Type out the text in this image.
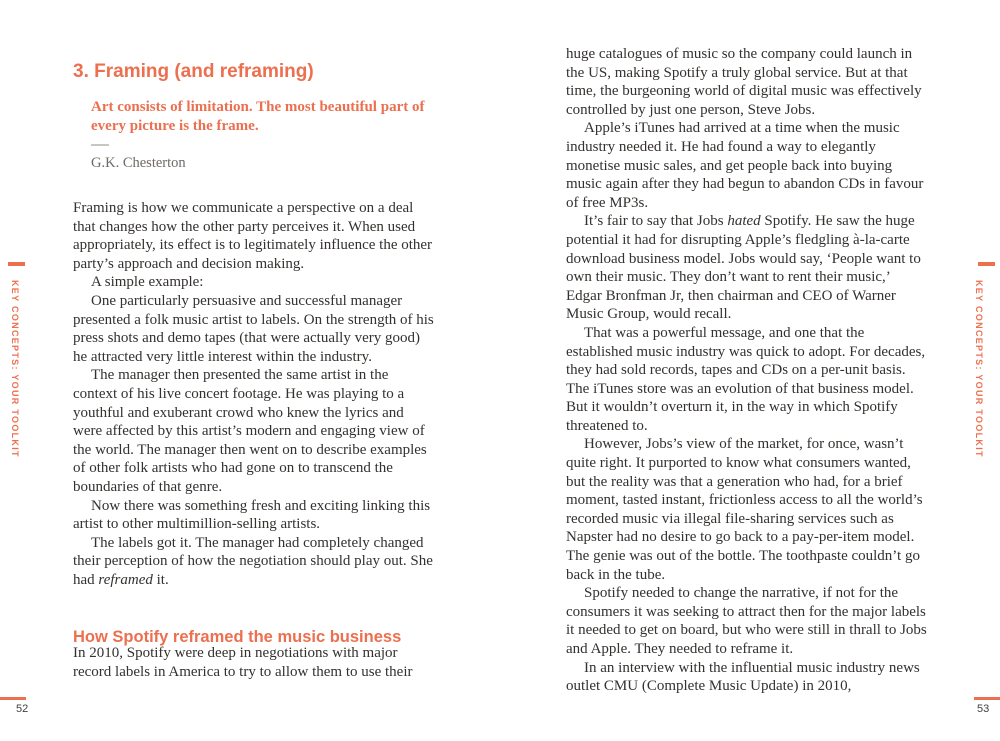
KEY CONCEPTS: YOUR TOOLKIT	KEY CONCEPTS: YOUR TOOLKIT
3. Framing (and reframing)
Art consists of limitation. The most beautiful part of every picture is the frame.
G.K. Chesterton

Framing is how we communicate a perspective on a deal that changes how the other party perceives it. When used appropriately, its effect is to legitimately influence the other party’s approach and decision making.

A simple example:

One particularly persuasive and successful manager presented a folk music artist to labels. On the strength of his press shots and demo tapes (that were actually very good) he attracted very little interest within the industry.

The manager then presented the same artist in the context of his live concert footage. He was playing to a youthful and exuberant crowd who knew the lyrics and were affected by this artist’s modern and engaging view of the world. The manager then went on to describe examples of other folk artists who had gone on to transcend the boundaries of that genre.

Now there was something fresh and exciting linking this artist to other multimillion-selling artists.

The labels got it. The manager had completely changed their perception of how the negotiation should play out. She had reframed it.

How Spotify reframed the music business

In 2010, Spotify were deep in negotiations with major record labels in America to try to allow them to use their

huge catalogues of music so the company could launch in the US, making Spotify a truly global service. But at that time, the burgeoning world of digital music was effectively controlled by just one person, Steve Jobs.

Apple’s iTunes had arrived at a time when the music industry needed it. He had found a way to elegantly monetise music sales, and get people back into buying music again after they had begun to abandon CDs in favour of free MP3s.

It’s fair to say that Jobs hated Spotify. He saw the huge potential it had for disrupting Apple’s fledgling à-la-carte download business model. Jobs would say, ‘People want to own their music. They don’t want to rent their music,’ Edgar Bronfman Jr, then chairman and CEO of Warner Music Group, would recall.

That was a powerful message, and one that the established music industry was quick to adopt. For decades, they had sold records, tapes and CDs on a per-unit basis. The iTunes store was an evolution of that business model. But it wouldn’t overturn it, in the way in which Spotify threatened to.

However, Jobs’s view of the market, for once, wasn’t quite right. It purported to know what consumers wanted, but the reality was that a generation who had, for a brief moment, tasted instant, frictionless access to all the world’s recorded music via illegal file-sharing services such as Napster had no desire to go back to a pay-per-item model. The genie was out of the bottle. The toothpaste couldn’t go back in the tube.

Spotify needed to change the narrative, if not for the consumers it was seeking to attract then for the major labels it needed to get on board, but who were still in thrall to Jobs and Apple. They needed to reframe it.

In an interview with the influential music industry news outlet CMU (Complete Music Update) in 2010,

52	53
